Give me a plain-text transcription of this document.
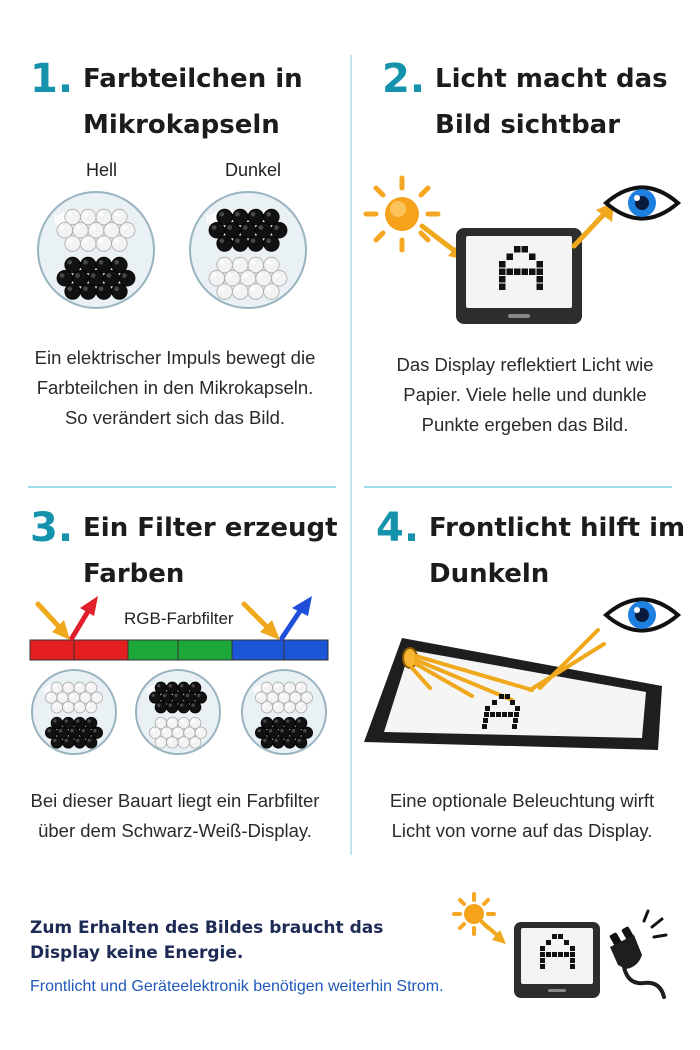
1. Farbteilchen in
Mikrokapseln
Hell	Dunkel
Ein elektrischer Impuls bewegt die Farbteilchen in den Mikrokapseln. So verändert sich das Bild.
2. Licht macht das
Bild sichtbar
Das Display reflektiert Licht wie Papier. Viele helle und dunkle Punkte ergeben das Bild.
3. Ein Filter erzeugt
Farben
RGB-Farbfilter
Bei dieser Bauart liegt ein Farbfilter über dem Schwarz-Weiß-Display.
4. Frontlicht hilft im
Dunkeln
Eine optionale Beleuchtung wirft Licht von vorne auf das Display.
Zum Erhalten des Bildes braucht das Display keine Energie.
Frontlicht und Geräteelektronik benötigen weiterhin Strom.
